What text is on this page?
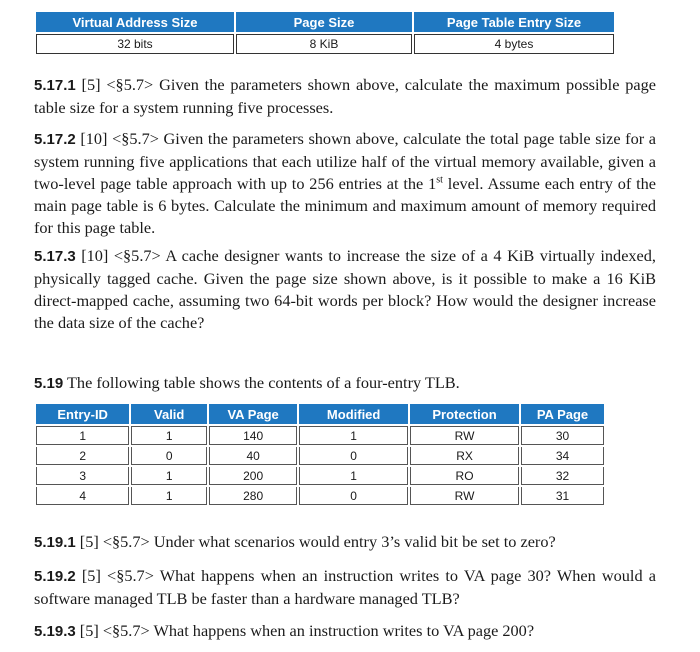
Virtual Address Size	Page Size	Page Table Entry Size
32 bits	8 KiB	4 bytes

5.17.1 [5] <§5.7> Given the parameters shown above, calculate the maximum possible page table size for a system running five processes.

5.17.2 [10] <§5.7> Given the parameters shown above, calculate the total page table size for a system running five applications that each utilize half of the virtual memory available, given a two-level page table approach with up to 256 entries at the 1st level. Assume each entry of the main page table is 6 bytes. Calculate the minimum and maximum amount of memory required for this page table.

5.17.3 [10] <§5.7> A cache designer wants to increase the size of a 4 KiB virtually indexed, physically tagged cache. Given the page size shown above, is it possible to make a 16 KiB direct-mapped cache, assuming two 64-bit words per block? How would the designer increase the data size of the cache?

5.19 The following table shows the contents of a four-entry TLB.

Entry-ID	Valid	VA Page	Modified	Protection	PA Page
1	1	140	1	RW	30
2	0	40	0	RX	34
3	1	200	1	RO	32
4	1	280	0	RW	31

5.19.1 [5] <§5.7> Under what scenarios would entry 3’s valid bit be set to zero?

5.19.2 [5] <§5.7> What happens when an instruction writes to VA page 30? When would a software managed TLB be faster than a hardware managed TLB?

5.19.3 [5] <§5.7> What happens when an instruction writes to VA page 200?
